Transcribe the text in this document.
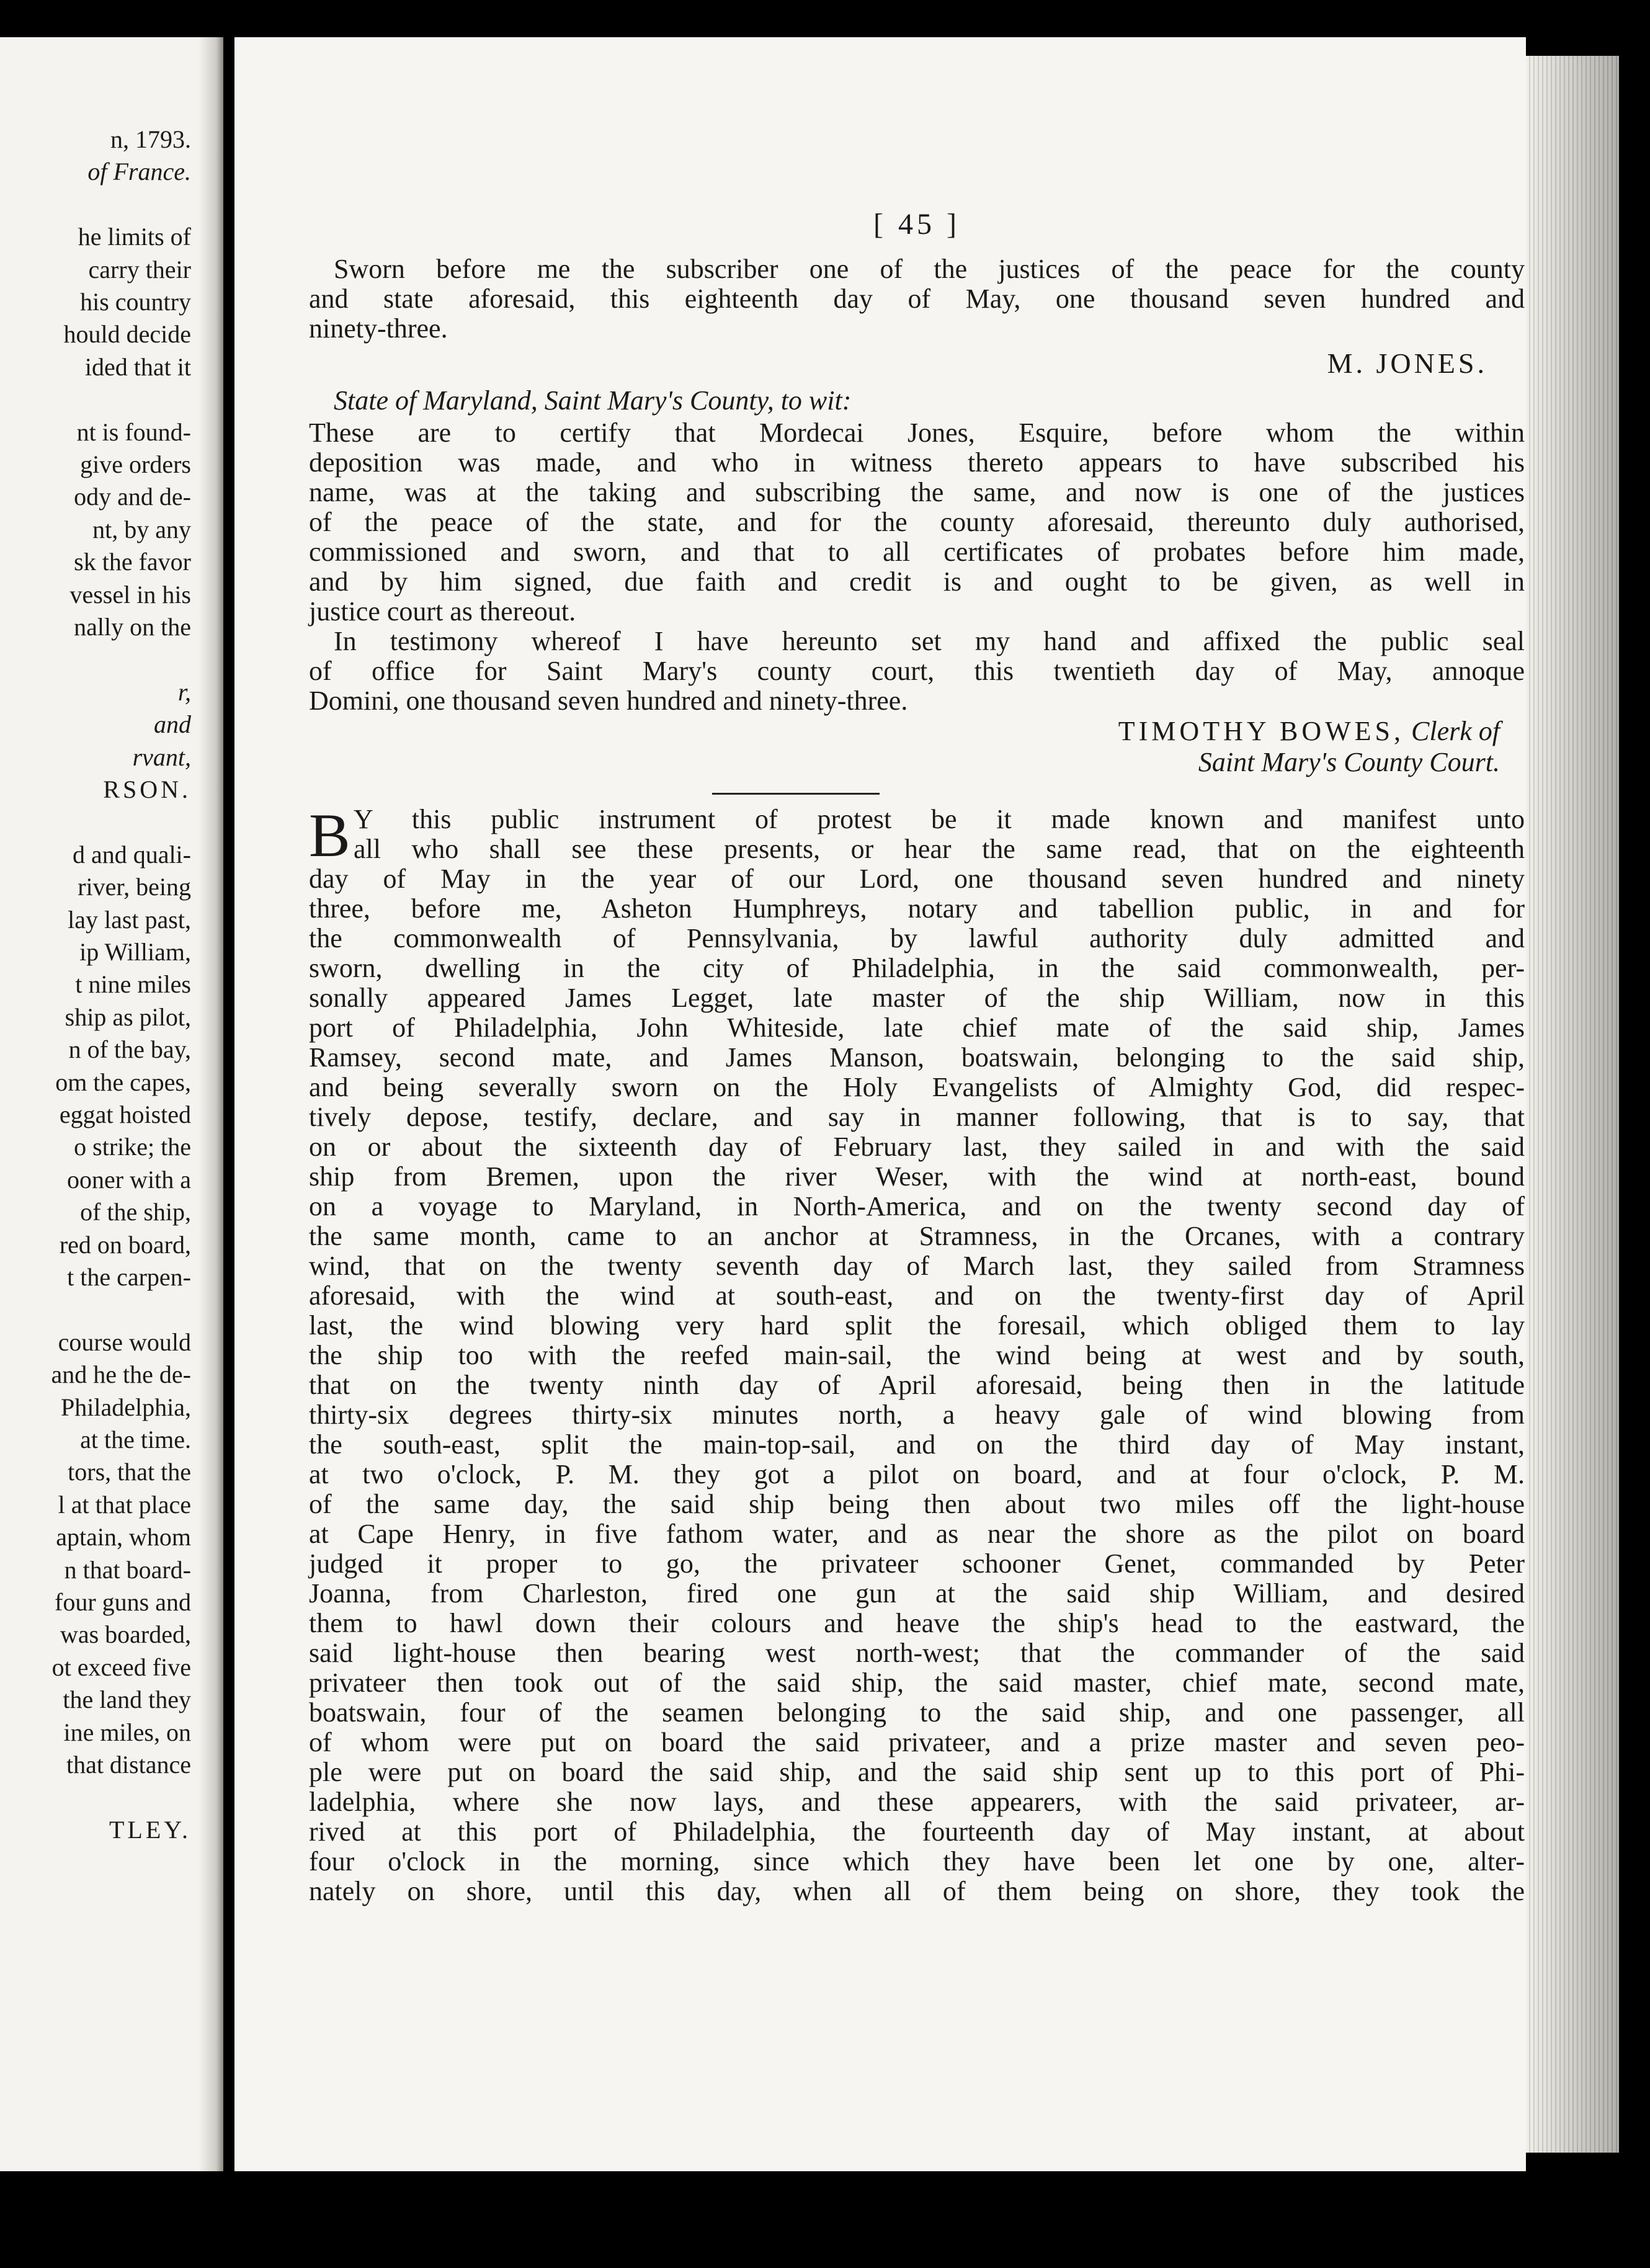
n, 1793.
of France.
he limits of
carry their
his country
hould decide
ided that it
nt is found-
give orders
ody and de-
nt, by any
sk the favor
vessel in his
nally on the
r,
and
rvant,
RSON.
d and quali-
river, being
lay last past,
ip William,
t nine miles
ship as pilot,
n of the bay,
om the capes,
eggat hoisted
o strike; the
ooner with a
of the ship,
red on board,
t the carpen-
course would
and he the de-
Philadelphia,
at the time.
tors, that the
l at that place
aptain, whom
n that board-
four guns and
was boarded,
ot exceed five
the land they
ine miles, on
that distance
TLEY.
[ 45 ]
Sworn before me the subscriber one of the justices of the peace for the county
and state aforesaid, this eighteenth day of May, one thousand seven hundred and
ninety-three.
M. JONES.
State of Maryland, Saint Mary's County, to wit:
These are to certify that Mordecai Jones, Esquire, before whom the within
deposition was made, and who in witness thereto appears to have subscribed his
name, was at the taking and subscribing the same, and now is one of the justices
of the peace of the state, and for the county aforesaid, thereunto duly authorised,
commissioned and sworn, and that to all certificates of probates before him made,
and by him signed, due faith and credit is and ought to be given, as well in
justice court as thereout.
In testimony whereof I have hereunto set my hand and affixed the public seal
of office for Saint Mary's county court, this twentieth day of May, annoque
Domini, one thousand seven hundred and ninety-three.
TIMOTHY BOWES, Clerk of
Saint Mary's County Court.
B Y this public instrument of protest be it made known and manifest unto
all who shall see these presents, or hear the same read, that on the eighteenth
day of May in the year of our Lord, one thousand seven hundred and ninety
three, before me, Asheton Humphreys, notary and tabellion public, in and for
the commonwealth of Pennsylvania, by lawful authority duly admitted and
sworn, dwelling in the city of Philadelphia, in the said commonwealth, per-
sonally appeared James Legget, late master of the ship William, now in this
port of Philadelphia, John Whiteside, late chief mate of the said ship, James
Ramsey, second mate, and James Manson, boatswain, belonging to the said ship,
and being severally sworn on the Holy Evangelists of Almighty God, did respec-
tively depose, testify, declare, and say in manner following, that is to say, that
on or about the sixteenth day of February last, they sailed in and with the said
ship from Bremen, upon the river Weser, with the wind at north-east, bound
on a voyage to Maryland, in North-America, and on the twenty second day of
the same month, came to an anchor at Stramness, in the Orcanes, with a contrary
wind, that on the twenty seventh day of March last, they sailed from Stramness
aforesaid, with the wind at south-east, and on the twenty-first day of April
last, the wind blowing very hard split the foresail, which obliged them to lay
the ship too with the reefed main-sail, the wind being at west and by south,
that on the twenty ninth day of April aforesaid, being then in the latitude
thirty-six degrees thirty-six minutes north, a heavy gale of wind blowing from
the south-east, split the main-top-sail, and on the third day of May instant,
at two o'clock, P. M. they got a pilot on board, and at four o'clock, P. M.
of the same day, the said ship being then about two miles off the light-house
at Cape Henry, in five fathom water, and as near the shore as the pilot on board
judged it proper to go, the privateer schooner Genet, commanded by Peter
Joanna, from Charleston, fired one gun at the said ship William, and desired
them to hawl down their colours and heave the ship's head to the eastward, the
said light-house then bearing west north-west; that the commander of the said
privateer then took out of the said ship, the said master, chief mate, second mate,
boatswain, four of the seamen belonging to the said ship, and one passenger, all
of whom were put on board the said privateer, and a prize master and seven peo-
ple were put on board the said ship, and the said ship sent up to this port of Phi-
ladelphia, where she now lays, and these appearers, with the said privateer, ar-
rived at this port of Philadelphia, the fourteenth day of May instant, at about
four o'clock in the morning, since which they have been let one by one, alter-
nately on shore, until this day, when all of them being on shore, they took the
